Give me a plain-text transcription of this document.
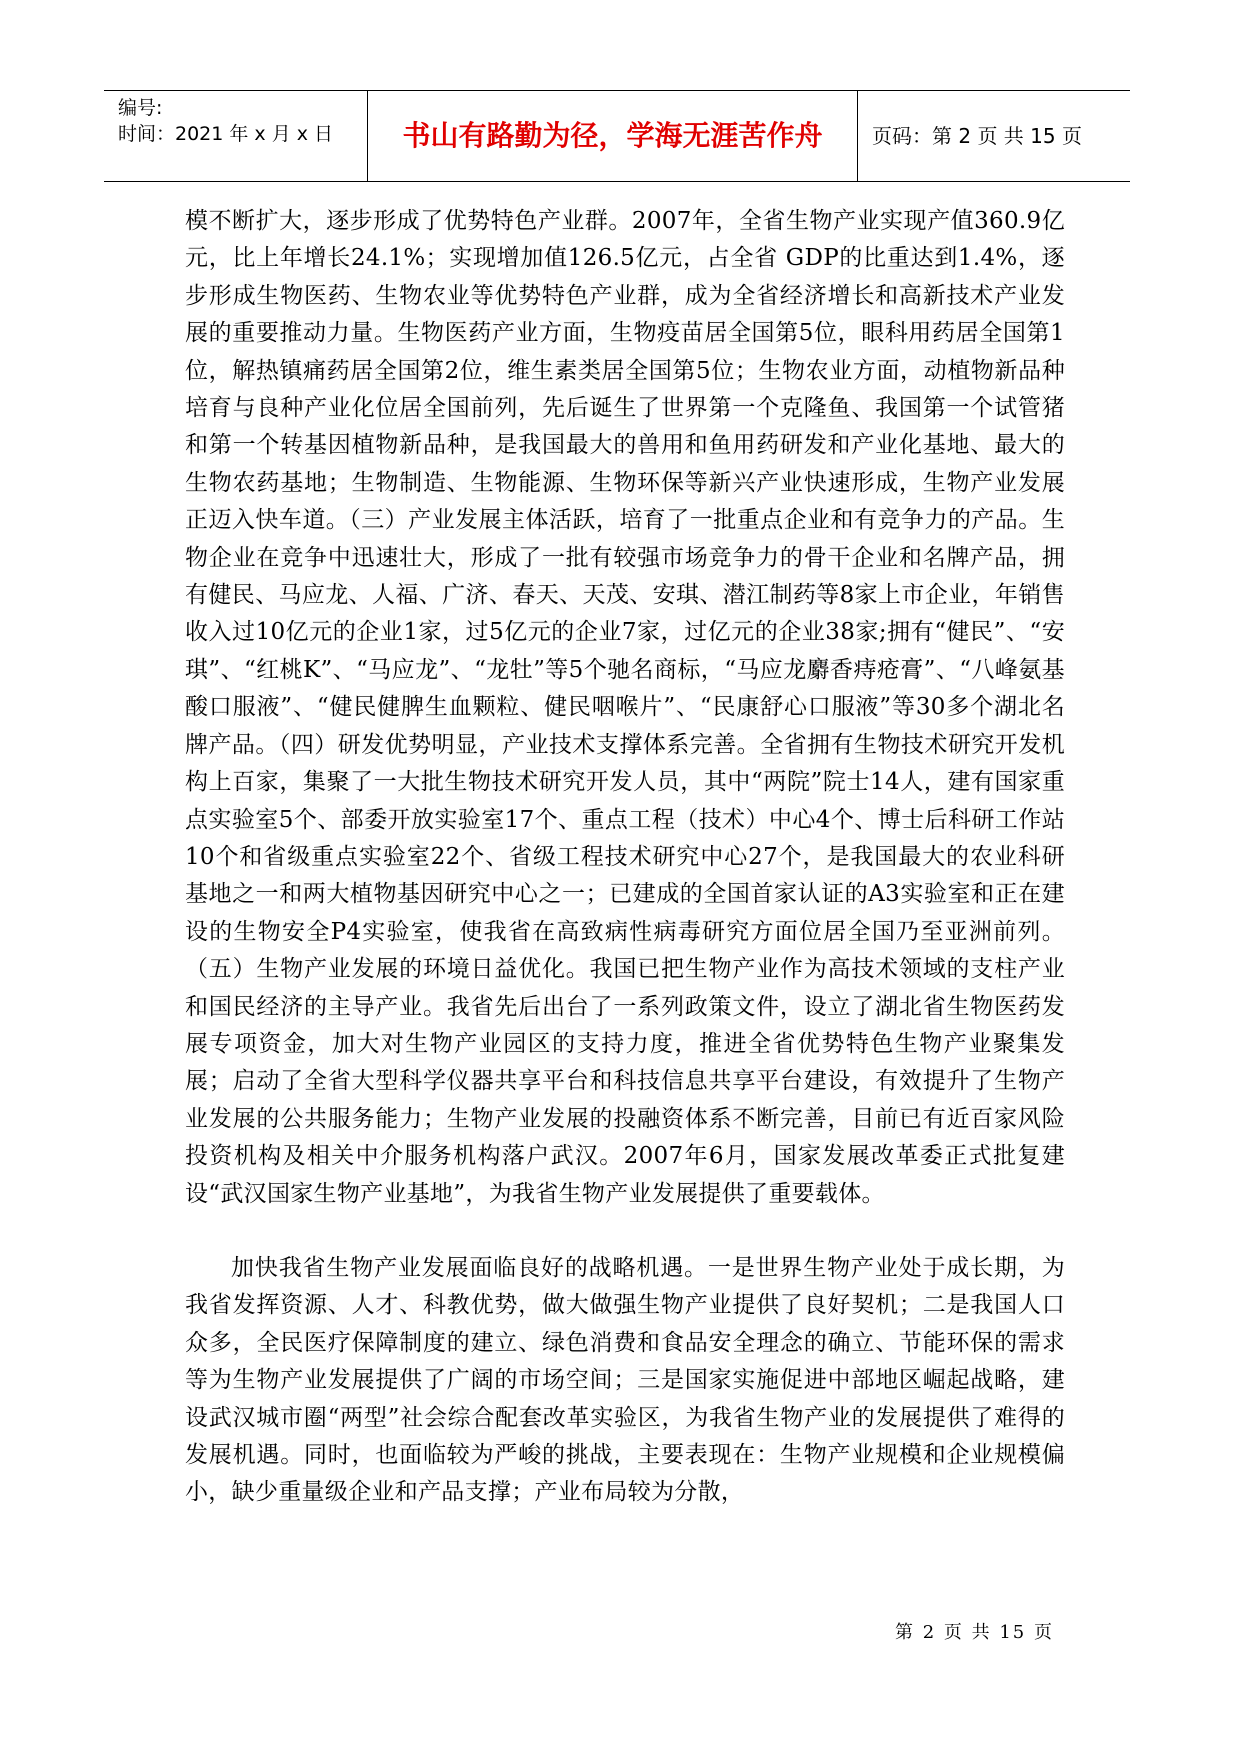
编号:
时间：2021 年 x 月 x 日	书山有路勤为径，学海无涯苦作舟	页码：第 2 页 共 15 页

模不断扩大，逐步形成了优势特色产业群。2007年，全省生物产业实现产值360.9亿元，比上年增长24.1%；实现增加值126.5亿元，占全省 GDP的比重达到1.4%，逐步形成生物医药、生物农业等优势特色产业群，成为全省经济增长和高新技术产业发展的重要推动力量。生物医药产业方面，生物疫苗居全国第5位，眼科用药居全国第1位，解热镇痛药居全国第2位，维生素类居全国第5位；生物农业方面，动植物新品种培育与良种产业化位居全国前列，先后诞生了世界第一个克隆鱼、我国第一个试管猪和第一个转基因植物新品种，是我国最大的兽用和鱼用药研发和产业化基地、最大的生物农药基地；生物制造、生物能源、生物环保等新兴产业快速形成，生物产业发展正迈入快车道。（三）产业发展主体活跃，培育了一批重点企业和有竞争力的产品。生物企业在竞争中迅速壮大，形成了一批有较强市场竞争力的骨干企业和名牌产品，拥有健民、马应龙、人福、广济、春天、天茂、安琪、潜江制药等8家上市企业，年销售收入过10亿元的企业1家，过5亿元的企业7家，过亿元的企业38家;拥有“健民”、“安琪”、“红桃K”、“马应龙”、“龙牡”等5个驰名商标，“马应龙麝香痔疮膏”、“八峰氨基酸口服液”、“健民健脾生血颗粒、健民咽喉片”、“民康舒心口服液”等30多个湖北名牌产品。（四）研发优势明显，产业技术支撑体系完善。全省拥有生物技术研究开发机构上百家，集聚了一大批生物技术研究开发人员，其中“两院”院士14人，建有国家重点实验室5个、部委开放实验室17个、重点工程（技术）中心4个、博士后科研工作站10个和省级重点实验室22个、省级工程技术研究中心27个，是我国最大的农业科研基地之一和两大植物基因研究中心之一；已建成的全国首家认证的A3实验室和正在建设的生物安全P4实验室，使我省在高致病性病毒研究方面位居全国乃至亚洲前列。（五）生物产业发展的环境日益优化。我国已把生物产业作为高技术领域的支柱产业和国民经济的主导产业。我省先后出台了一系列政策文件，设立了湖北省生物医药发展专项资金，加大对生物产业园区的支持力度，推进全省优势特色生物产业聚集发展；启动了全省大型科学仪器共享平台和科技信息共享平台建设，有效提升了生物产业发展的公共服务能力；生物产业发展的投融资体系不断完善，目前已有近百家风险投资机构及相关中介服务机构落户武汉。2007年6月，国家发展改革委正式批复建设“武汉国家生物产业基地”，为我省生物产业发展提供了重要载体。

加快我省生物产业发展面临良好的战略机遇。一是世界生物产业处于成长期，为我省发挥资源、人才、科教优势，做大做强生物产业提供了良好契机；二是我国人口众多，全民医疗保障制度的建立、绿色消费和食品安全理念的确立、节能环保的需求等为生物产业发展提供了广阔的市场空间；三是国家实施促进中部地区崛起战略，建设武汉城市圈“两型”社会综合配套改革实验区，为我省生物产业的发展提供了难得的发展机遇。同时，也面临较为严峻的挑战，主要表现在：生物产业规模和企业规模偏小，缺少重量级企业和产品支撑；产业布局较为分散，

第 2 页 共 15 页
